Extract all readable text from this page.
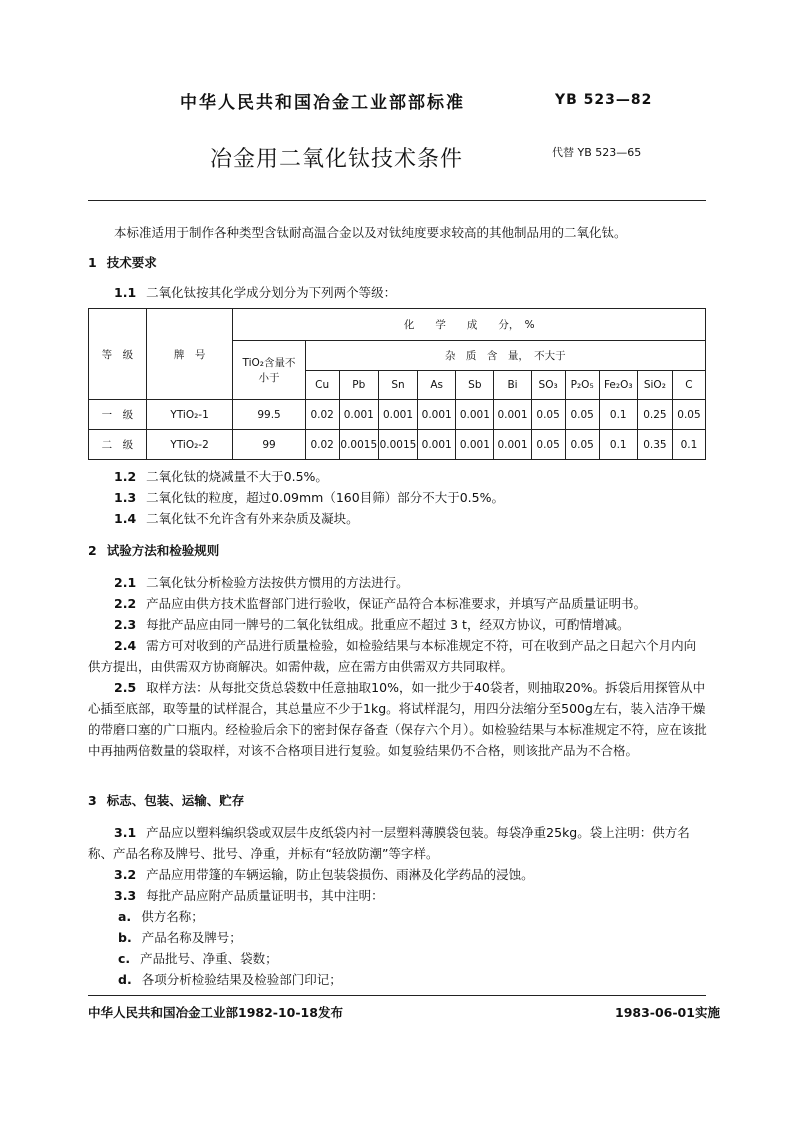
中华人民共和国冶金工业部部标准	YB 523—82
冶金用二氧化钛技术条件	代替 YB 523—65
本标准适用于制作各种类型含钛耐高温合金以及对钛纯度要求较高的其他制品用的二氧化钛。
1 技术要求
1.1 二氧化钛按其化学成分划分为下列两个等级：
等　级	牌　号	化　　学　　成　　分，　%											
		TiO₂含量不小于	杂　质　含　量，　不大于										
			Cu	Pb	Sn	As	Sb	Bi	SO₃	P₂O₅	Fe₂O₃	SiO₂	C
一　级	YTiO₂-1	99.5	0.02	0.001	0.001	0.001	0.001	0.001	0.05	0.05	0.1	0.25	0.05
二　级	YTiO₂-2	99	0.02	0.0015	0.0015	0.001	0.001	0.001	0.05	0.05	0.1	0.35	0.1
1.2 二氧化钛的烧减量不大于0.5%。
1.3 二氧化钛的粒度，超过0.09mm（160目筛）部分不大于0.5%。
1.4 二氧化钛不允许含有外来杂质及凝块。
2 试验方法和检验规则
2.1 二氧化钛分析检验方法按供方惯用的方法进行。
2.2 产品应由供方技术监督部门进行验收，保证产品符合本标准要求，并填写产品质量证明书。
2.3 每批产品应由同一牌号的二氧化钛组成。批重应不超过 3 t，经双方协议，可酌情增减。
2.4 需方可对收到的产品进行质量检验，如检验结果与本标准规定不符，可在收到产品之日起六个月内向供方提出，由供需双方协商解决。如需仲裁，应在需方由供需双方共同取样。
2.5 取样方法：从每批交货总袋数中任意抽取10%，如一批少于40袋者，则抽取20%。拆袋后用探管从中心插至底部，取等量的试样混合，其总量应不少于1kg。将试样混匀，用四分法缩分至500g左右，装入洁净干燥的带磨口塞的广口瓶内。经检验后余下的密封保存备查（保存六个月）。如检验结果与本标准规定不符，应在该批中再抽两倍数量的袋取样，对该不合格项目进行复验。如复验结果仍不合格，则该批产品为不合格。
3 标志、包装、运输、贮存
3.1 产品应以塑料编织袋或双层牛皮纸袋内衬一层塑料薄膜袋包装。每袋净重25kg。袋上注明：供方名称、产品名称及牌号、批号、净重，并标有“轻放防潮”等字样。
3.2 产品应用带篷的车辆运输，防止包装袋损伤、雨淋及化学药品的浸蚀。
3.3 每批产品应附产品质量证明书，其中注明：
a. 供方名称；
b. 产品名称及牌号；
c. 产品批号、净重、袋数；
d. 各项分析检验结果及检验部门印记；
中华人民共和国冶金工业部1982-10-18发布	1983-06-01实施
